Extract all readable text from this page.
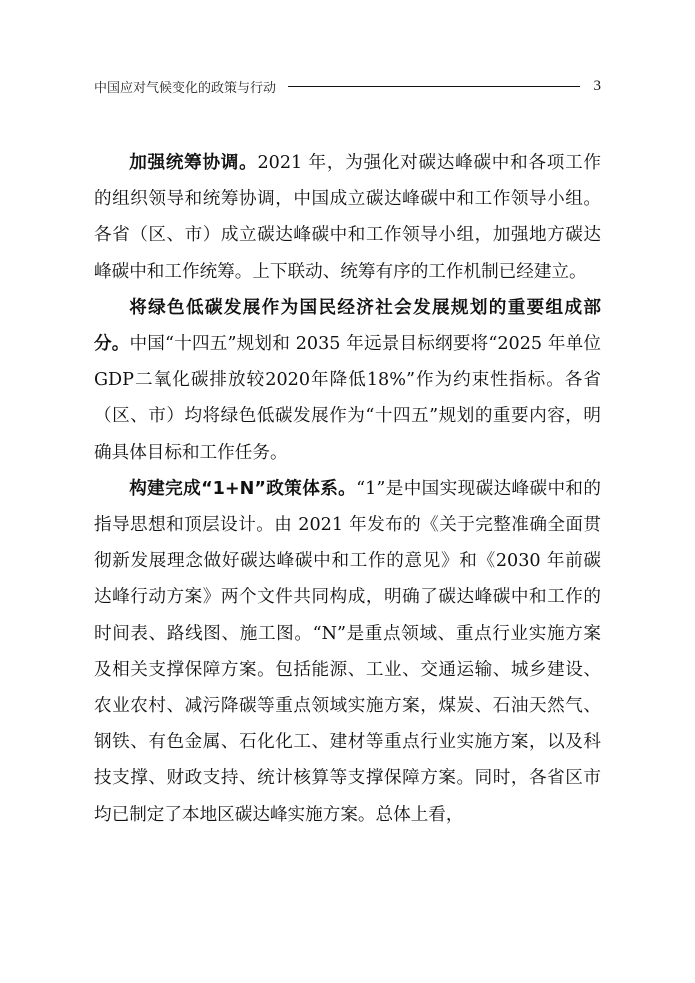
中国应对气候变化的政策与行动	3

加强统筹协调。2021 年，为强化对碳达峰碳中和各项工作的组织领导和统筹协调，中国成立碳达峰碳中和工作领导小组。各省（区、市）成立碳达峰碳中和工作领导小组，加强地方碳达峰碳中和工作统筹。上下联动、统筹有序的工作机制已经建立。

将绿色低碳发展作为国民经济社会发展规划的重要组成部分。中国“十四五”规划和 2035 年远景目标纲要将“2025 年单位GDP二氧化碳排放较2020年降低18%”作为约束性指标。各省（区、市）均将绿色低碳发展作为“十四五”规划的重要内容，明确具体目标和工作任务。

构建完成“1+N”政策体系。“1”是中国实现碳达峰碳中和的指导思想和顶层设计。由 2021 年发布的《关于完整准确全面贯彻新发展理念做好碳达峰碳中和工作的意见》和《2030 年前碳达峰行动方案》两个文件共同构成，明确了碳达峰碳中和工作的时间表、路线图、施工图。“N”是重点领域、重点行业实施方案及相关支撑保障方案。包括能源、工业、交通运输、城乡建设、农业农村、减污降碳等重点领域实施方案，煤炭、石油天然气、钢铁、有色金属、石化化工、建材等重点行业实施方案，以及科技支撑、财政支持、统计核算等支撑保障方案。同时，各省区市均已制定了本地区碳达峰实施方案。总体上看，
